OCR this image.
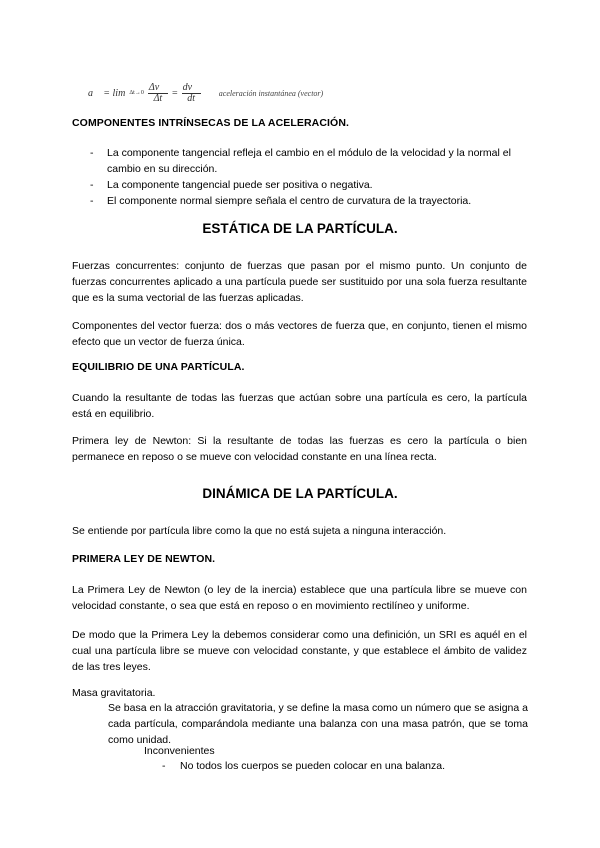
a⃗ = $\lim \Delta t\to 0 \frac{\Delta v⃗}{\Delta t} = \frac{dv⃗}{dt}$ aceleración instantánea (vector)
COMPONENTES INTRÍNSECAS DE LA ACELERACIÓN.
-	La componente tangencial refleja el cambio en el módulo de la velocidad y la normal el cambio en su dirección.
-	La componente tangencial puede ser positiva o negativa.
-	El componente normal siempre señala el centro de curvatura de la trayectoria.
ESTÁTICA DE LA PARTÍCULA.

Fuerzas concurrentes: conjunto de fuerzas que pasan por el mismo punto. Un conjunto de fuerzas concurrentes aplicado a una partícula puede ser sustituido por una sola fuerza resultante que es la suma vectorial de las fuerzas aplicadas.

Componentes del vector fuerza: dos o más vectores de fuerza que, en conjunto, tienen el mismo efecto que un vector de fuerza única.

EQUILIBRIO DE UNA PARTÍCULA.

Cuando la resultante de todas las fuerzas que actúan sobre una partícula es cero, la partícula está en equilibrio.

Primera ley de Newton: Si la resultante de todas las fuerzas es cero la partícula o bien permanece en reposo o se mueve con velocidad constante en una línea recta.

DINÁMICA DE LA PARTÍCULA.

Se entiende por partícula libre como la que no está sujeta a ninguna interacción.

PRIMERA LEY DE NEWTON.

La Primera Ley de Newton (o ley de la inercia) establece que una partícula libre se mueve con velocidad constante, o sea que está en reposo o en movimiento rectilíneo y uniforme.

De modo que la Primera Ley la debemos considerar como una definición, un SRI es aquél en el cual una partícula libre se mueve con velocidad constante, y que establece el ámbito de validez de las tres leyes.

Masa gravitatoria.

Se basa en la atracción gravitatoria, y se define la masa como un número que se asigna a cada partícula, comparándola mediante una balanza con una masa patrón, que se toma como unidad.

Inconvenientes

-	No todos los cuerpos se pueden colocar en una balanza.
